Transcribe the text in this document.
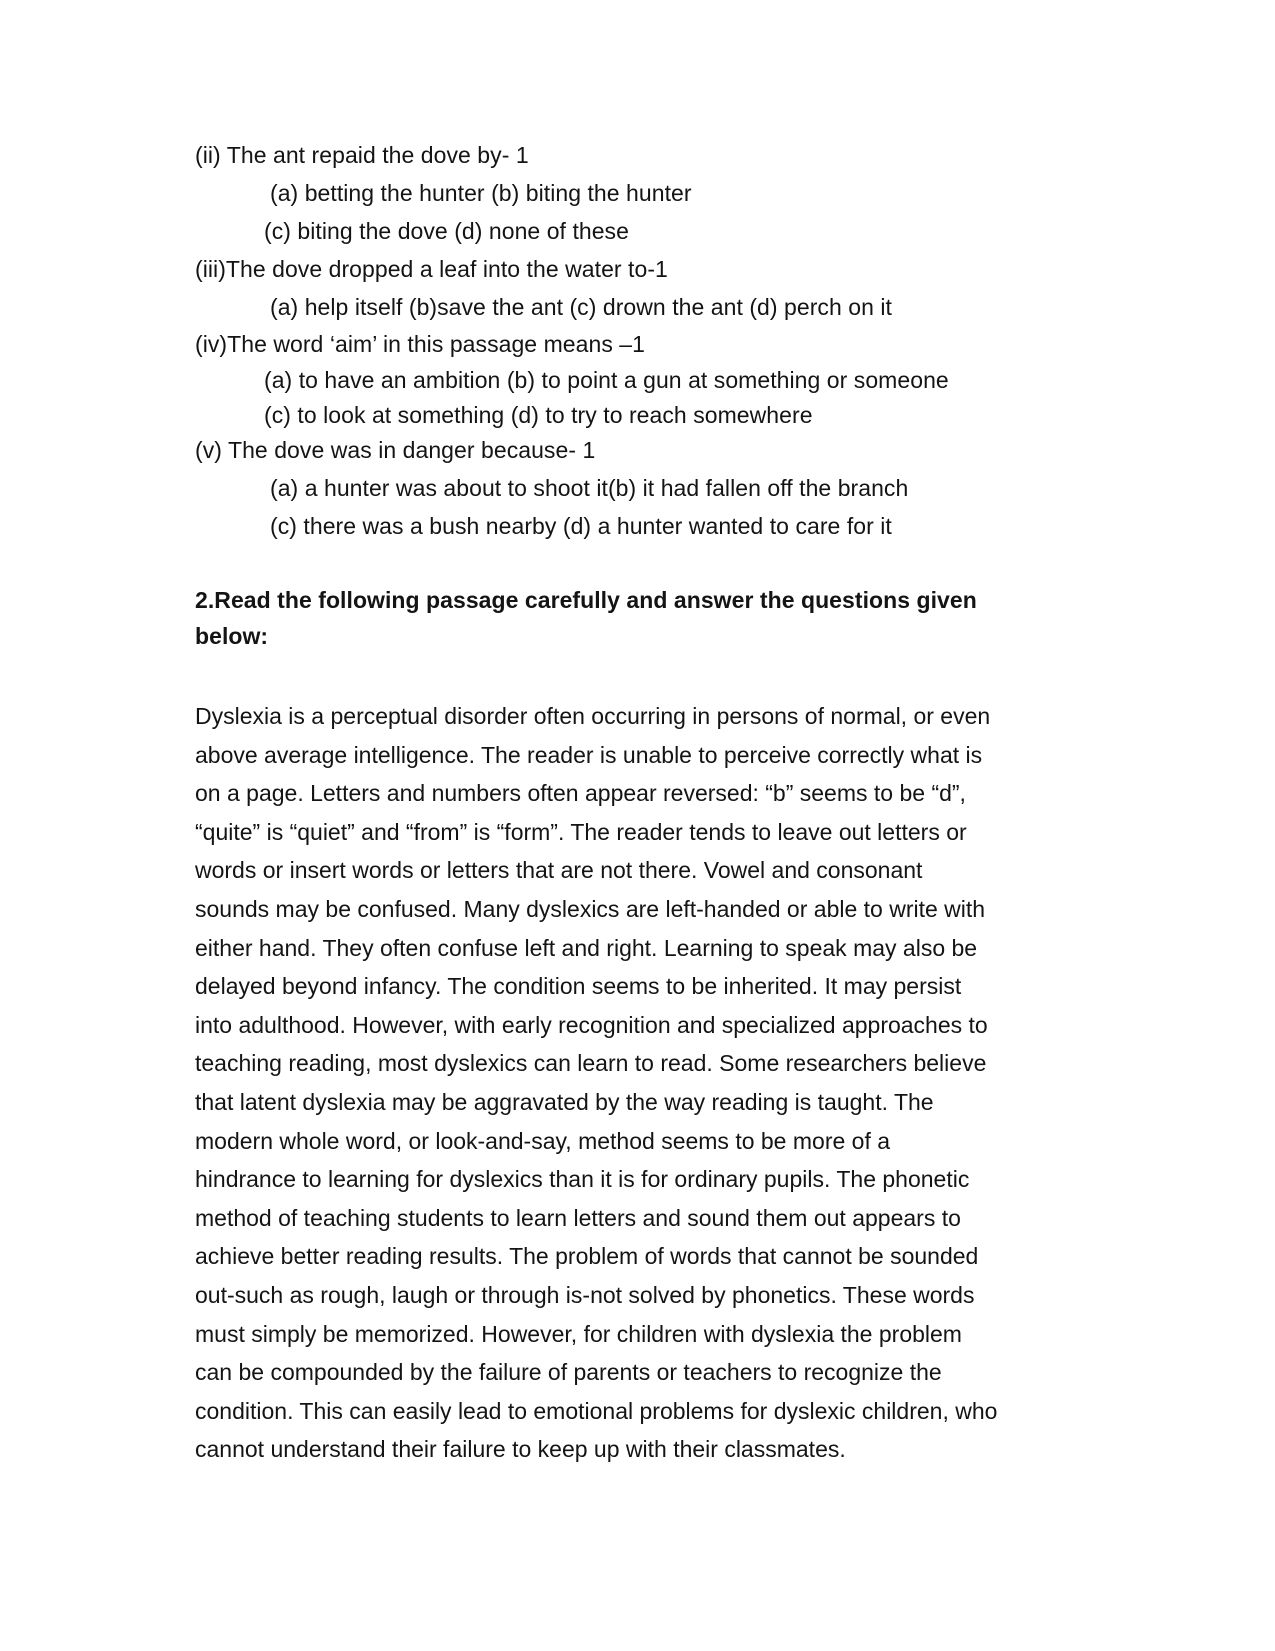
(ii) The ant repaid the dove by- 1
(a) betting the hunter (b) biting the hunter
(c) biting the dove (d) none of these
(iii)The dove dropped a leaf into the water to-1
(a) help itself (b)save the ant (c) drown the ant (d) perch on it
(iv)The word ‘aim’ in this passage means –1
(a) to have an ambition (b) to point a gun at something or someone
(c) to look at something (d) to try to reach somewhere
(v) The dove was in danger because- 1
(a) a hunter was about to shoot it(b) it had fallen off the branch
(c) there was a bush nearby (d) a hunter wanted to care for it
2.Read the following passage carefully and answer the questions given
below:
Dyslexia is a perceptual disorder often occurring in persons of normal, or even
above average intelligence. The reader is unable to perceive correctly what is
on a page. Letters and numbers often appear reversed: “b” seems to be “d”,
“quite” is “quiet” and “from” is “form”. The reader tends to leave out letters or
words or insert words or letters that are not there. Vowel and consonant
sounds may be confused. Many dyslexics are left-handed or able to write with
either hand. They often confuse left and right. Learning to speak may also be
delayed beyond infancy. The condition seems to be inherited. It may persist
into adulthood. However, with early recognition and specialized approaches to
teaching reading, most dyslexics can learn to read. Some researchers believe
that latent dyslexia may be aggravated by the way reading is taught. The
modern whole word, or look-and-say, method seems to be more of a
hindrance to learning for dyslexics than it is for ordinary pupils. The phonetic
method of teaching students to learn letters and sound them out appears to
achieve better reading results. The problem of words that cannot be sounded
out-such as rough, laugh or through is-not solved by phonetics. These words
must simply be memorized. However, for children with dyslexia the problem
can be compounded by the failure of parents or teachers to recognize the
condition. This can easily lead to emotional problems for dyslexic children, who
cannot understand their failure to keep up with their classmates.
